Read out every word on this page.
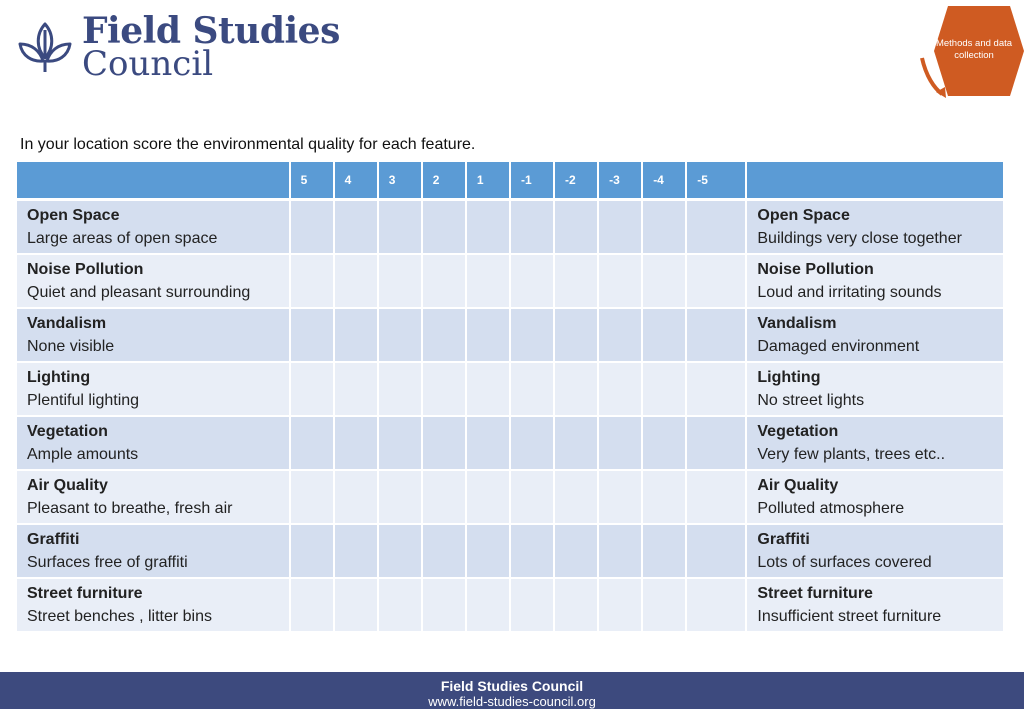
Field Studies
Council
Methods and data collection
In your location score the environmental quality for each feature.
	5	4	3	2	1	-1	-2	-3	-4	-5	

Open Space
Large areas of open space											Open Space
Buildings very close together

Noise Pollution
Quiet and pleasant surrounding											Noise Pollution
Loud and irritating sounds

Vandalism
None visible											Vandalism
Damaged environment

Lighting
Plentiful lighting											Lighting
No street lights

Vegetation
Ample amounts											Vegetation
Very few plants, trees etc..

Air Quality
Pleasant to breathe, fresh air											Air Quality
Polluted atmosphere

Graffiti
Surfaces free of graffiti											Graffiti
Lots of surfaces covered

Street furniture
Street benches , litter bins											Street furniture
Insufficient street furniture
Field Studies Council
www.field-studies-council.org
